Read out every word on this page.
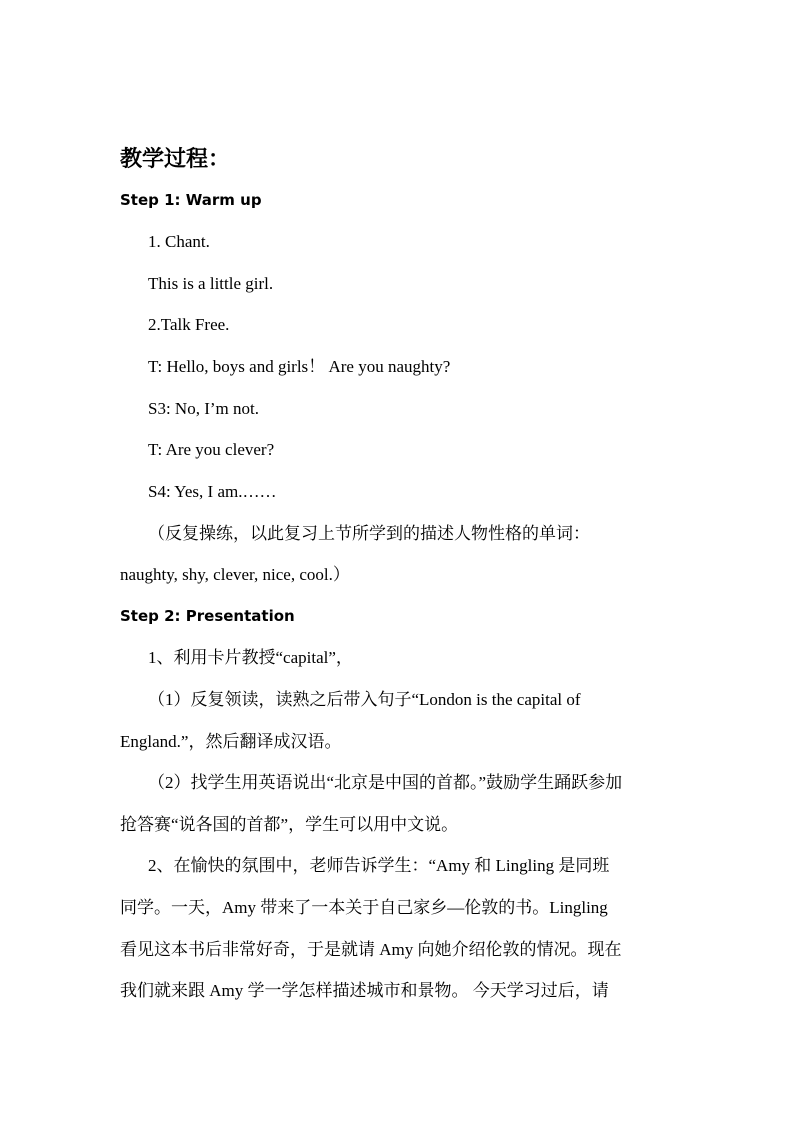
教学过程：
Step 1: Warm up
1. Chant.
This is a little girl.
2.Talk Free.
T: Hello, boys and girls！ Are you naughty?
S3: No, I’m not.
T: Are you clever?
S4: Yes, I am.……
（反复操练，以此复习上节所学到的描述人物性格的单词：
naughty, shy, clever, nice, cool.）
Step 2: Presentation
1、利用卡片教授“capital”，
（1）反复领读，读熟之后带入句子“London is the capital of
England.”，然后翻译成汉语。
（2）找学生用英语说出“北京是中国的首都。”鼓励学生踊跃参加
抢答赛“说各国的首都”，学生可以用中文说。
2、在愉快的氛围中，老师告诉学生：“Amy 和 Lingling 是同班
同学。一天，Amy 带来了一本关于自己家乡—伦敦的书。Lingling
看见这本书后非常好奇，于是就请 Amy 向她介绍伦敦的情况。现在
我们就来跟 Amy 学一学怎样描述城市和景物。 今天学习过后，请
